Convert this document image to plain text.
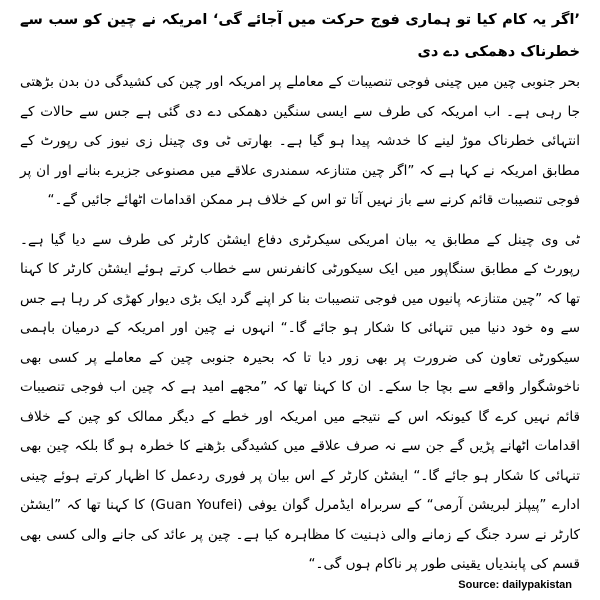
’اگر یہ کام کیا تو ہماری فوج حرکت میں آجائے گی‘ امریکہ نے چین کو سب سے خطرناک دھمکی دے دی

بحر جنوبی چین میں چینی فوجی تنصیبات کے معاملے پر امریکہ اور چین کی کشیدگی دن بدن بڑھتی جا رہی ہے۔ اب امریکہ کی طرف سے ایسی سنگین دھمکی دے دی گئی ہے جس سے حالات کے انتہائی خطرناک موڑ لینے کا خدشہ پیدا ہو گیا ہے۔ بھارتی ٹی وی چینل زی نیوز کی رپورٹ کے مطابق امریکہ نے کہا ہے کہ ”اگر چین متنازعہ سمندری علاقے میں مصنوعی جزیرے بنانے اور ان پر فوجی تنصیبات قائم کرنے سے باز نہیں آتا تو اس کے خلاف ہر ممکن اقدامات اٹھائے جائیں گے۔“

ٹی وی چینل کے مطابق یہ بیان امریکی سیکرٹری دفاع ایشٹن کارٹر کی طرف سے دیا گیا ہے۔ رپورٹ کے مطابق سنگاپور میں ایک سیکورٹی کانفرنس سے خطاب کرتے ہوئے ایشٹن کارٹر کا کہنا تھا کہ ”چین متنازعہ پانیوں میں فوجی تنصیبات بنا کر اپنے گرد ایک بڑی دیوار کھڑی کر رہا ہے جس سے وہ خود دنیا میں تنہائی کا شکار ہو جائے گا۔“ انہوں نے چین اور امریکہ کے درمیان باہمی سیکورٹی تعاون کی ضرورت پر بھی زور دیا تا کہ بحیرہ جنوبی چین کے معاملے پر کسی بھی ناخوشگوار واقعے سے بچا جا سکے۔ ان کا کہنا تھا کہ ”مجھے امید ہے کہ چین اب فوجی تنصیبات قائم نہیں کرے گا کیونکہ اس کے نتیجے میں امریکہ اور خطے کے دیگر ممالک کو چین کے خلاف اقدامات اٹھانے پڑیں گے جن سے نہ صرف علاقے میں کشیدگی بڑھنے کا خطرہ ہو گا بلکہ چین بھی تنہائی کا شکار ہو جائے گا۔“ ایشٹن کارٹر کے اس بیان پر فوری ردعمل کا اظہار کرتے ہوئے چینی ادارے ”پیپلز لبریشن آرمی“ کے سربراہ ایڈمرل گوان یوفی (Guan Youfei) کا کہنا تھا کہ ”ایشٹن کارٹر نے سرد جنگ کے زمانے والی ذہنیت کا مظاہرہ کیا ہے۔ چین پر عائد کی جانے والی کسی بھی قسم کی پابندیاں یقینی طور پر ناکام ہوں گی۔“

Source: dailypakistan
